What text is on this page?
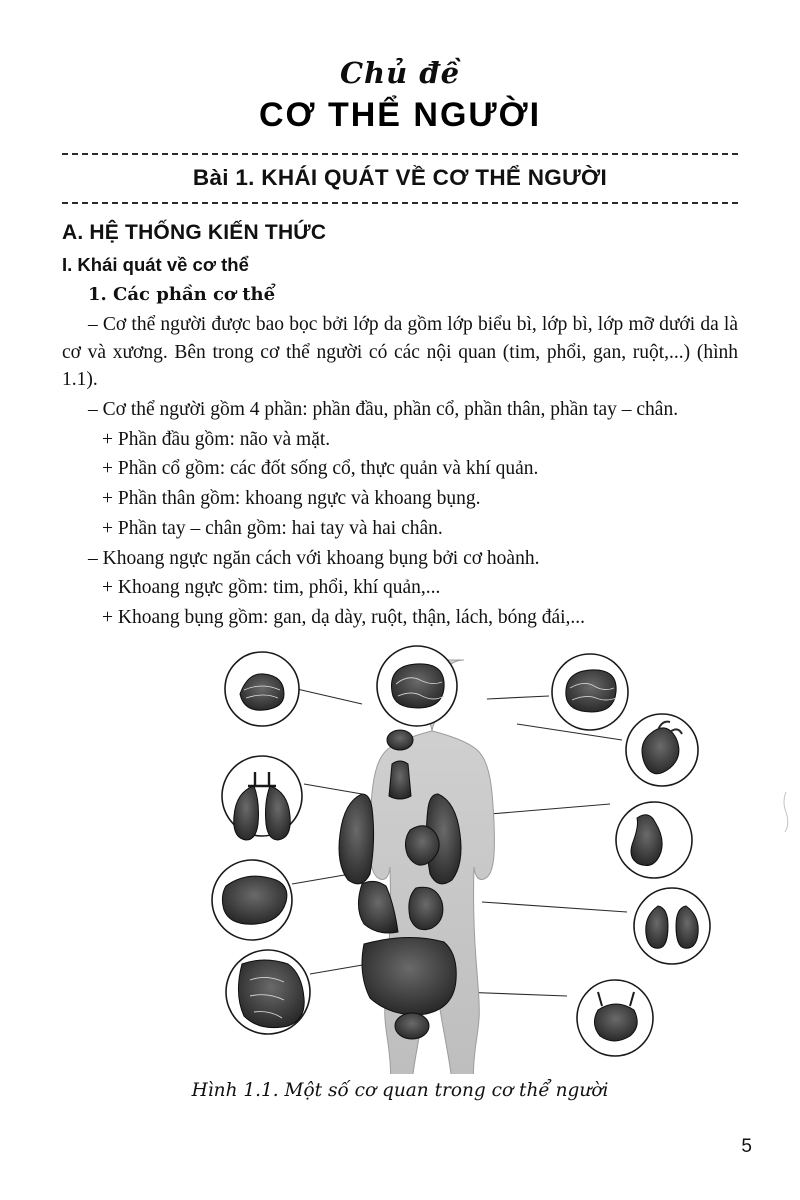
Chủ đề
CƠ THỂ NGƯỜI
Bài 1. KHÁI QUÁT VỀ CƠ THỂ NGƯỜI
A. HỆ THỐNG KIẾN THỨC
I. Khái quát về cơ thể
1. Các phần cơ thể

– Cơ thể người được bao bọc bởi lớp da gồm lớp biểu bì, lớp bì, lớp mỡ dưới da là cơ và xương. Bên trong cơ thể người có các nội quan (tim, phổi, gan, ruột,...) (hình 1.1).

– Cơ thể người gồm 4 phần: phần đầu, phần cổ, phần thân, phần tay – chân.

+ Phần đầu gồm: não và mặt.

+ Phần cổ gồm: các đốt sống cổ, thực quản và khí quản.

+ Phần thân gồm: khoang ngực và khoang bụng.

+ Phần tay – chân gồm: hai tay và hai chân.

– Khoang ngực ngăn cách với khoang bụng bởi cơ hoành.

+ Khoang ngực gồm: tim, phổi, khí quản,...

+ Khoang bụng gồm: gan, dạ dày, ruột, thận, lách, bóng đái,...

Hình 1.1. Một số cơ quan trong cơ thể người
5
